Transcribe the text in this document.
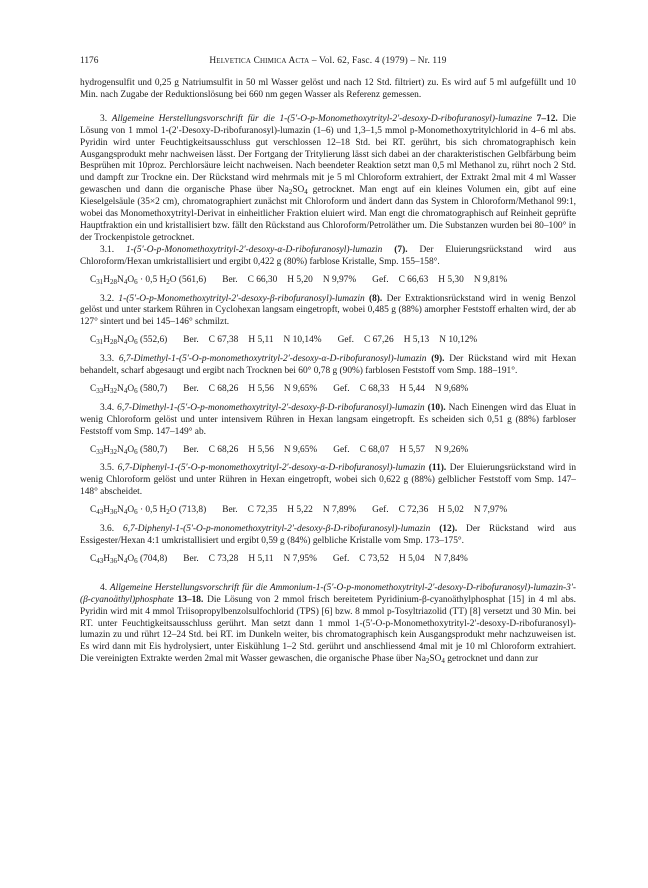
1176	Helvetica Chimica Acta – Vol. 62, Fasc. 4 (1979) – Nr. 119

hydrogensulfit und 0,25 g Natriumsulfit in 50 ml Wasser gelöst und nach 12 Std. filtriert) zu. Es wird auf 5 ml aufgefüllt und 10 Min. nach Zugabe der Reduktionslösung bei 660 nm gegen Wasser als Referenz gemessen.

3. Allgemeine Herstellungsvorschrift für die 1-(5′-O-p-Monomethoxytrityl-2′-desoxy-D-ribofuranosyl)-lumazine 7–12. Die Lösung von 1 mmol 1-(2′-Desoxy-D-ribofuranosyl)-lumazin (1–6) und 1,3–1,5 mmol p-Monomethoxytritylchlorid in 4–6 ml abs. Pyridin wird unter Feuchtigkeitsausschluss gut verschlossen 12–18 Std. bei RT. gerührt, bis sich chromatographisch kein Ausgangsprodukt mehr nachweisen lässt. Der Fortgang der Tritylierung lässt sich dabei an der charakteristischen Gelbfärbung beim Besprühen mit 10proz. Perchlorsäure leicht nachweisen. Nach beendeter Reaktion setzt man 0,5 ml Methanol zu, rührt noch 2 Std. und dampft zur Trockne ein. Der Rückstand wird mehrmals mit je 5 ml Chloroform extrahiert, der Extrakt 2mal mit 4 ml Wasser gewaschen und dann die organische Phase über $Na_2SO_4$ getrocknet. Man engt auf ein kleines Volumen ein, gibt auf eine Kieselgelsäule (35×2 cm), chromatographiert zunächst mit Chloroform und ändert dann das System in Chloroform/Methanol 99:1, wobei das Monomethoxytrityl-Derivat in einheitlicher Fraktion eluiert wird. Man engt die chromatographisch auf Reinheit geprüfte Hauptfraktion ein und kristallisiert bzw. fällt den Rückstand aus Chloroform/Petroläther um. Die Substanzen wurden bei 80–100° in der Trockenpistole getrocknet.

3.1. 1-(5′-O-p-Monomethoxytrityl-2′-desoxy-α-D-ribofuranosyl)-lumazin (7). Der Eluierungsrückstand wird aus Chloroform/Hexan umkristallisiert und ergibt 0,422 g (80%) farblose Kristalle, Smp. 155–158°.

$C_{31}H_{28}N_4O_6 \cdot 0,5$ $H_2O$ (561,6) Ber. C 66,30 H 5,20 N 9,97% Gef. C 66,63 H 5,30 N 9,81%

3.2. 1-(5′-O-p-Monomethoxytrityl-2′-desoxy-β-ribofuranosyl)-lumazin (8). Der Extraktionsrückstand wird in wenig Benzol gelöst und unter starkem Rühren in Cyclohexan langsam eingetropft, wobei 0,485 g (88%) amorpher Feststoff erhalten wird, der ab 127° sintert und bei 145–146° schmilzt.

$C_{31}H_{28}N_4O_6$ (552,6) Ber. C 67,38 H 5,11 N 10,14% Gef. C 67,26 H 5,13 N 10,12%

3.3. 6,7-Dimethyl-1-(5′-O-p-monomethoxytrityl-2′-desoxy-α-D-ribofuranosyl)-lumazin (9). Der Rückstand wird mit Hexan behandelt, scharf abgesaugt und ergibt nach Trocknen bei 60° 0,78 g (90%) farblosen Feststoff vom Smp. 188–191°.

$C_{33}H_{32}N_4O_6$ (580,7) Ber. C 68,26 H 5,56 N 9,65% Gef. C 68,33 H 5,44 N 9,68%

3.4. 6,7-Dimethyl-1-(5′-O-p-monomethoxytrityl-2′-desoxy-β-D-ribofuranosyl)-lumazin (10). Nach Einengen wird das Eluat in wenig Chloroform gelöst und unter intensivem Rühren in Hexan langsam eingetropft. Es scheiden sich 0,51 g (88%) farbloser Feststoff vom Smp. 147–149° ab.

$C_{33}H_{32}N_4O_6$ (580,7) Ber. C 68,26 H 5,56 N 9,65% Gef. C 68,07 H 5,57 N 9,26%

3.5. 6,7-Diphenyl-1-(5′-O-p-monomethoxytrityl-2′-desoxy-α-D-ribofuranosyl)-lumazin (11). Der Eluierungsrückstand wird in wenig Chloroform gelöst und unter Rühren in Hexan eingetropft, wobei sich 0,622 g (88%) gelblicher Feststoff vom Smp. 147–148° abscheidet.

$C_{43}H_{36}N_4O_6 \cdot 0,5$ $H_2O$ (713,8) Ber. C 72,35 H 5,22 N 7,89% Gef. C 72,36 H 5,02 N 7,97%

3.6. 6,7-Diphenyl-1-(5′-O-p-monomethoxytrityl-2′-desoxy-β-D-ribofuranosyl)-lumazin (12). Der Rückstand wird aus Essigester/Hexan 4:1 umkristallisiert und ergibt 0,59 g (84%) gelbliche Kristalle vom Smp. 173–175°.

$C_{43}H_{36}N_4O_6$ (704,8) Ber. C 73,28 H 5,11 N 7,95% Gef. C 73,52 H 5,04 N 7,84%

4. Allgemeine Herstellungsvorschrift für die Ammonium-1-(5′-O-p-monomethoxytrityl-2′-desoxy-D-ribofuranosyl)-lumazin-3′-(β-cyanoäthyl)phosphate 13–18. Die Lösung von 2 mmol frisch bereitetem Pyridinium-β-cyanoäthylphosphat [15] in 4 ml abs. Pyridin wird mit 4 mmol Triisopropylbenzolsulfochlorid (TPS) [6] bzw. 8 mmol p-Tosyltriazolid (TT) [8] versetzt und 30 Min. bei RT. unter Feuchtigkeitsausschluss gerührt. Man setzt dann 1 mmol 1-(5′-O-p-Monomethoxytrityl-2′-desoxy-D-ribofuranosyl)-lumazin zu und rührt 12–24 Std. bei RT. im Dunkeln weiter, bis chromatographisch kein Ausgangsprodukt mehr nachzuweisen ist. Es wird dann mit Eis hydrolysiert, unter Eiskühlung 1–2 Std. gerührt und anschliessend 4mal mit je 10 ml Chloroform extrahiert. Die vereinigten Extrakte werden 2mal mit Wasser gewaschen, die organische Phase über $Na_2SO_4$ getrocknet und dann zur
